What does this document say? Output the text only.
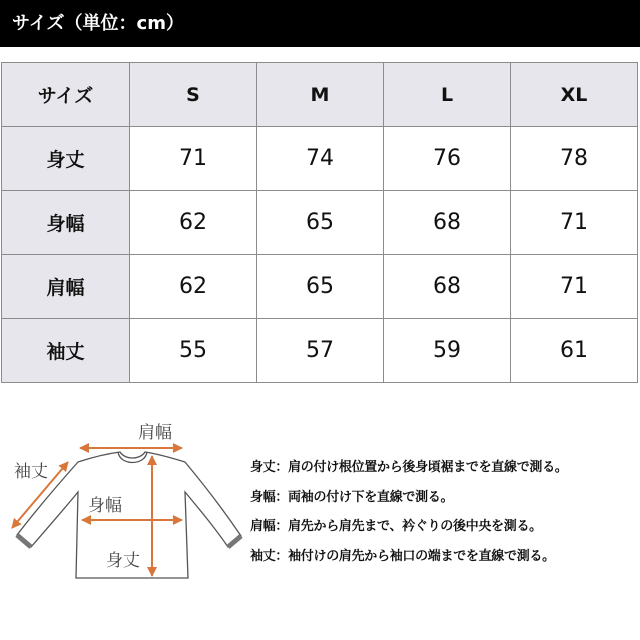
サイズ（単位：cm）
サイズ	S	M	L	XL
身丈	71	74	76	78
身幅	62	65	68	71
肩幅	62	65	68	71
袖丈	55	57	59	61
肩幅
袖丈
身幅
身丈
身丈：肩の付け根位置から後身頃裾までを直線で測る。
身幅：両袖の付け下を直線で測る。
肩幅：肩先から肩先まで、衿ぐりの後中央を測る。
袖丈：袖付けの肩先から袖口の端までを直線で測る。
